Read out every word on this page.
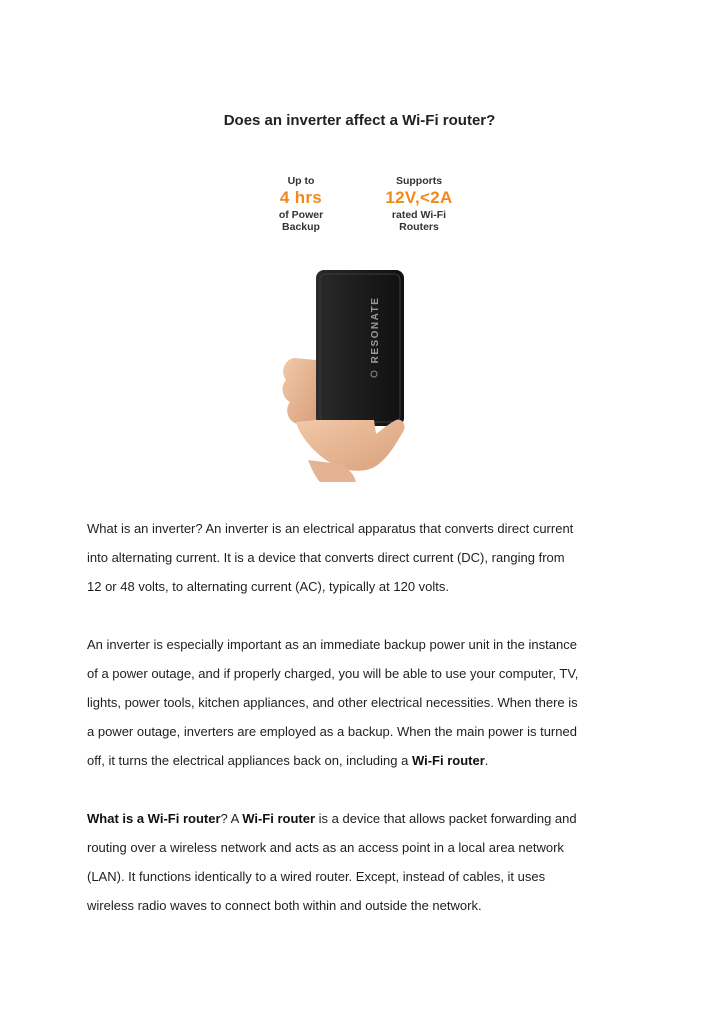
Does an inverter affect a Wi-Fi router?
Up to
4 hrs
of Power
Backup
Supports
12V,<2A
rated Wi-Fi
Routers
RESONATE
What is an inverter? An inverter is an electrical apparatus that converts direct current
into alternating current. It is a device that converts direct current (DC), ranging from
12 or 48 volts, to alternating current (AC), typically at 120 volts.
An inverter is especially important as an immediate backup power unit in the instance
of a power outage, and if properly charged, you will be able to use your computer, TV,
lights, power tools, kitchen appliances, and other electrical necessities. When there is
a power outage, inverters are employed as a backup. When the main power is turned
off, it turns the electrical appliances back on, including a Wi-Fi router.
What is a Wi-Fi router? A Wi-Fi router is a device that allows packet forwarding and
routing over a wireless network and acts as an access point in a local area network
(LAN). It functions identically to a wired router. Except, instead of cables, it uses
wireless radio waves to connect both within and outside the network.
